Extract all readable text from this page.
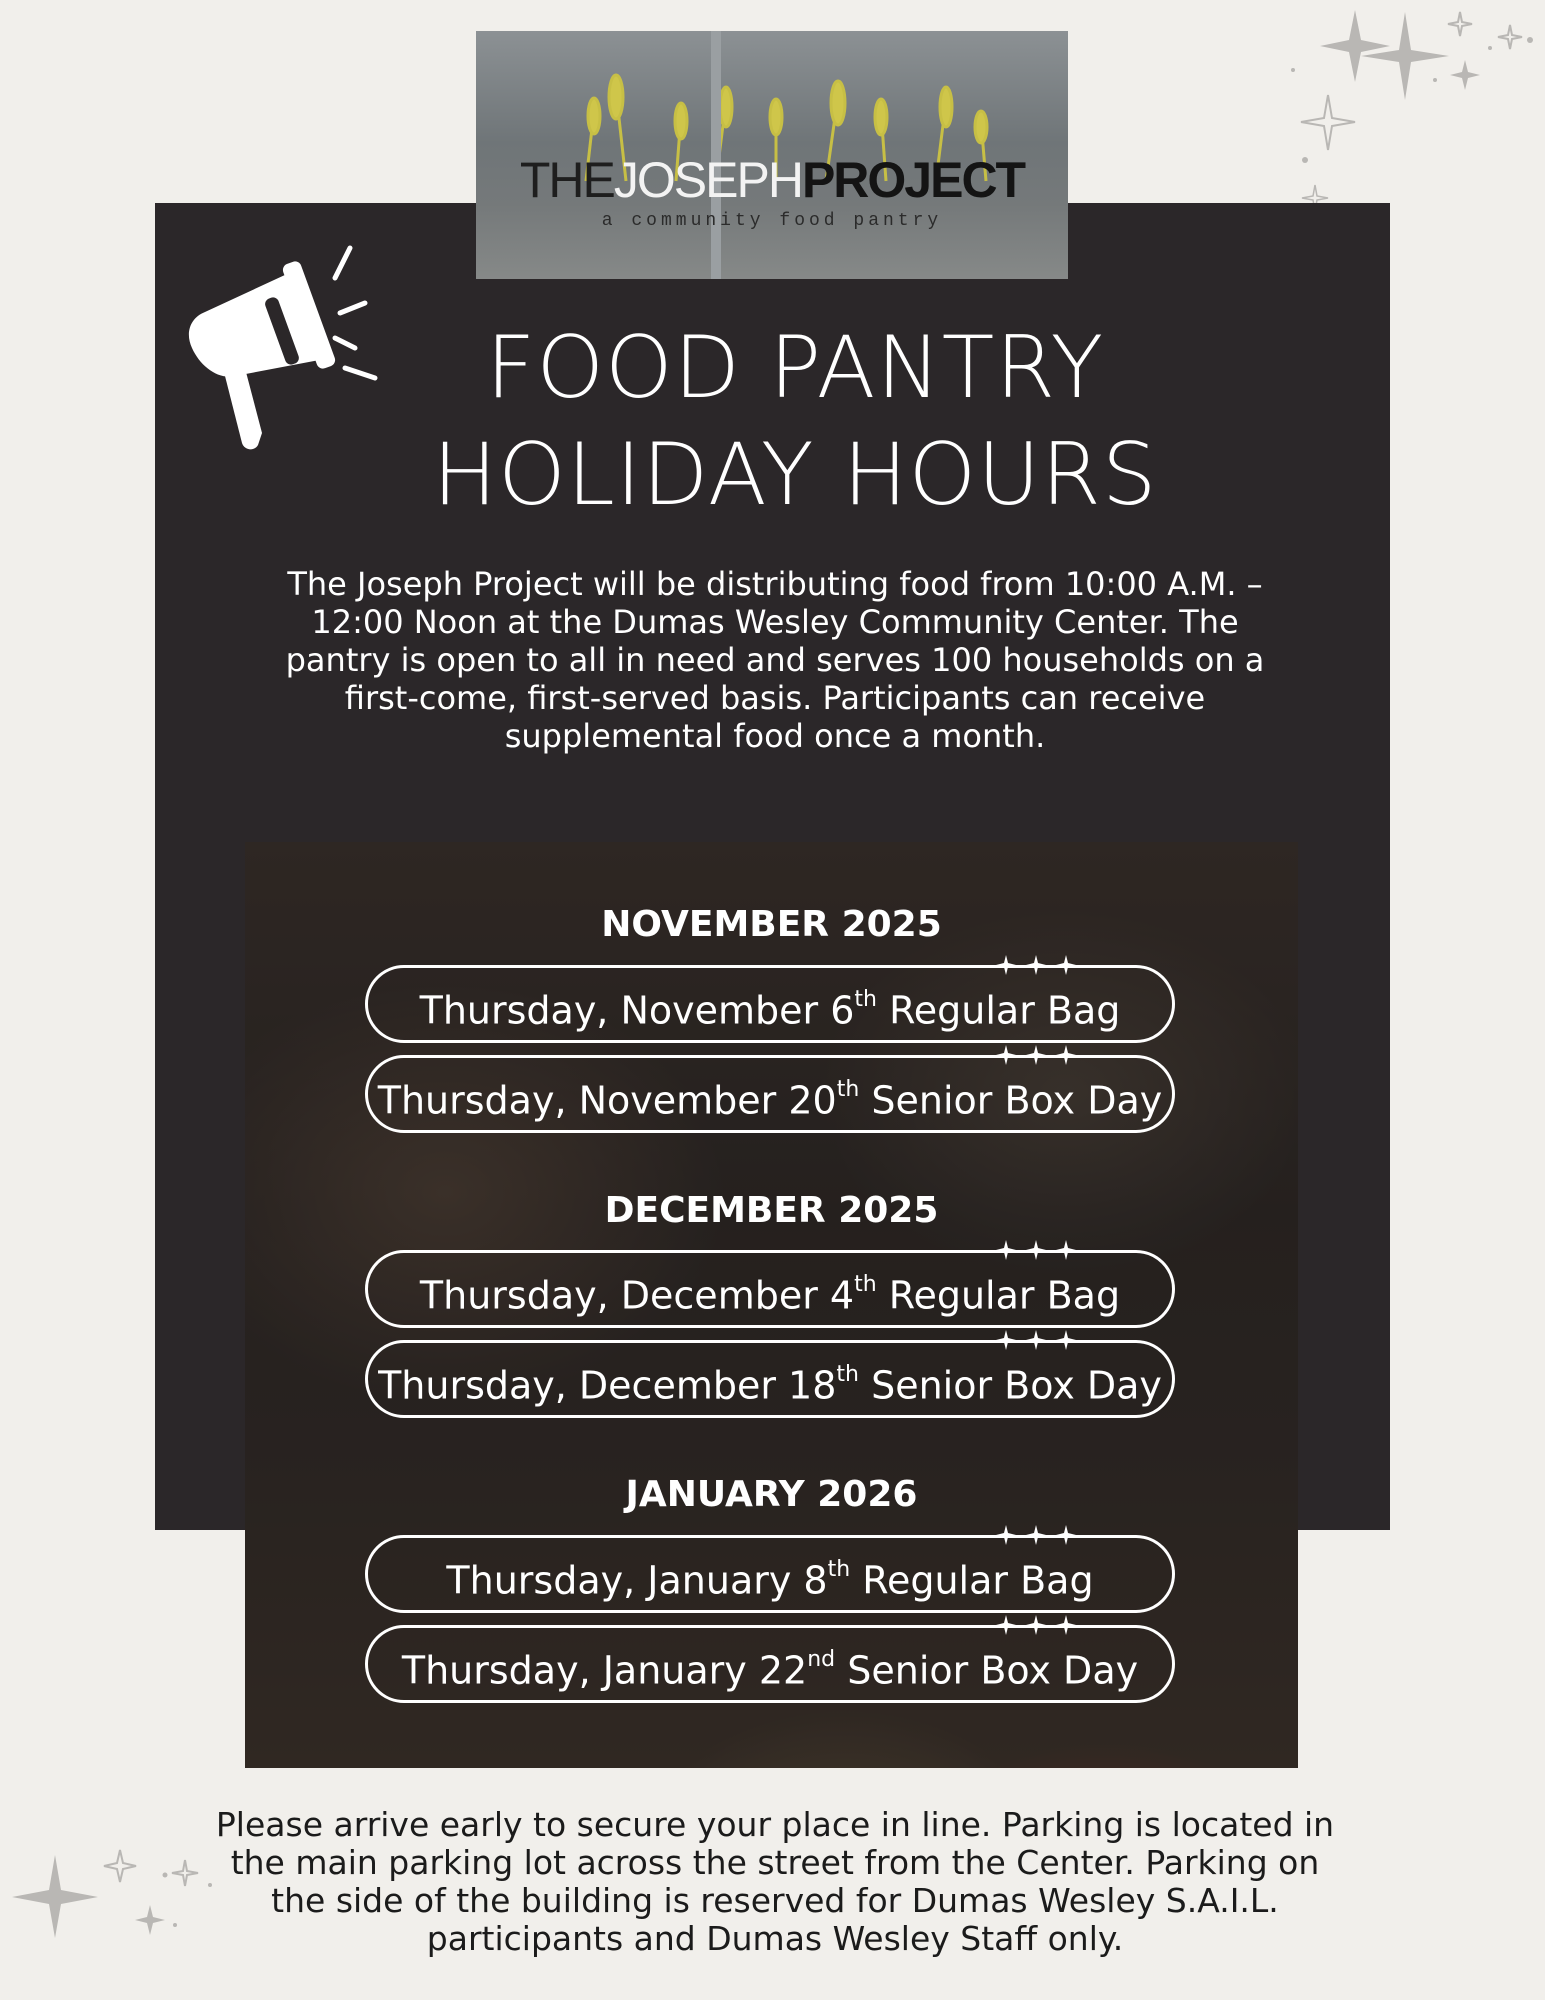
THEJOSEPHPROJECT
a community food pantry
FOOD PANTRY
HOLIDAY HOURS
The Joseph Project will be distributing food from 10:00 A.M. – 12:00 Noon at the Dumas Wesley Community Center. The pantry is open to all in need and serves 100 households on a first-come, first-served basis. Participants can receive supplemental food once a month.
NOVEMBER 2025
Thursday, November 6th Regular Bag
Thursday, November 20th Senior Box Day
DECEMBER 2025
Thursday, December 4th Regular Bag
Thursday, December 18th Senior Box Day
JANUARY 2026
Thursday, January 8th Regular Bag
Thursday, January 22nd Senior Box Day
Please arrive early to secure your place in line. Parking is located in the main parking lot across the street from the Center. Parking on the side of the building is reserved for Dumas Wesley S.A.I.L. participants and Dumas Wesley Staff only.
